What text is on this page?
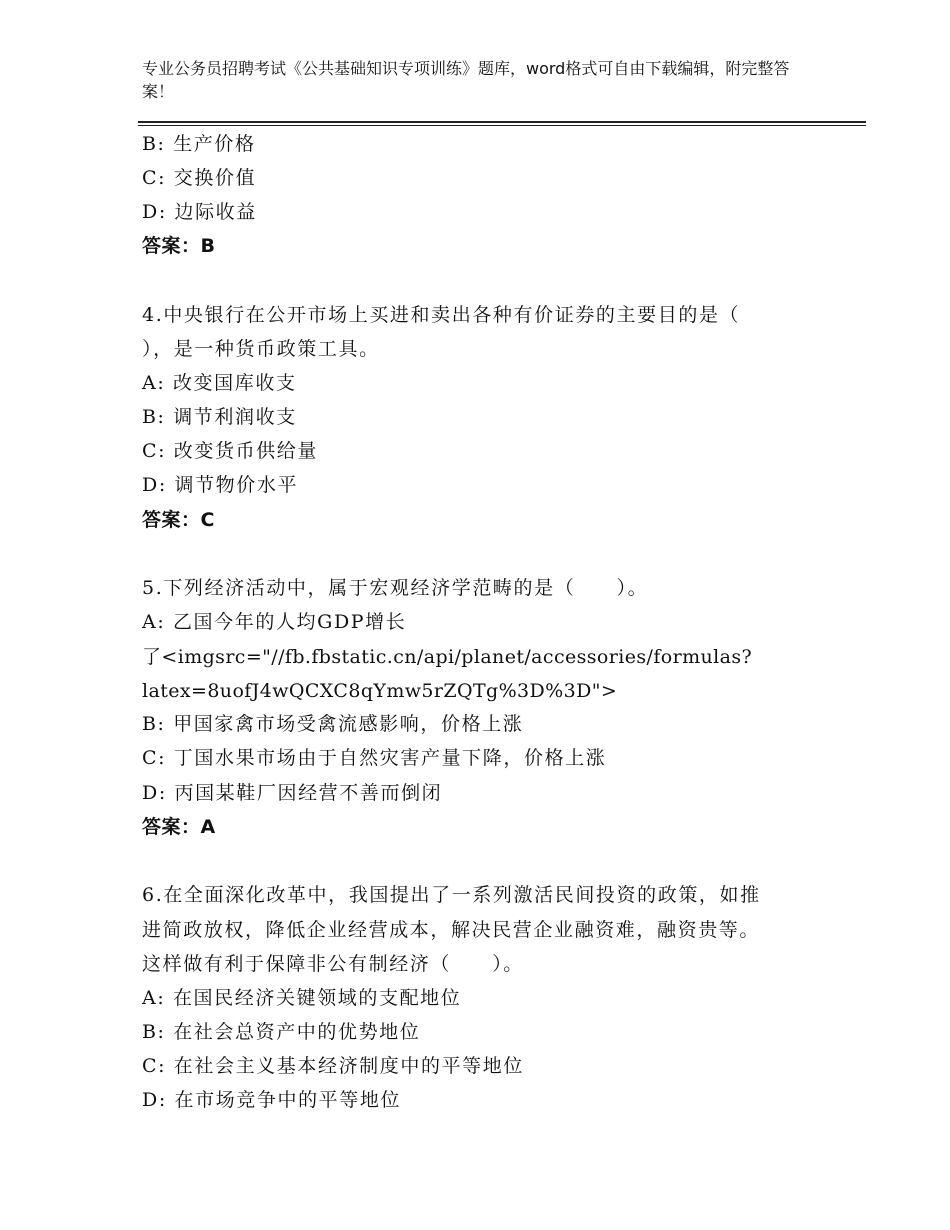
专业公务员招聘考试《公共基础知识专项训练》题库，word格式可自由下载编辑，附完整答案！
B: 生产价格
C: 交换价值
D: 边际收益
答案：B
4.中央银行在公开市场上买进和卖出各种有价证券的主要目的是（
），是一种货币政策工具。
A: 改变国库收支
B: 调节利润收支
C: 改变货币供给量
D: 调节物价水平
答案：C
5.下列经济活动中，属于宏观经济学范畴的是（　　）。
A: 乙国今年的人均GDP增长
了<imgsrc="//fb.fbstatic.cn/api/planet/accessories/formulas?
latex=8uofJ4wQCXC8qYmw5rZQTg%3D%3D">
B: 甲国家禽市场受禽流感影响，价格上涨
C: 丁国水果市场由于自然灾害产量下降，价格上涨
D: 丙国某鞋厂因经营不善而倒闭
答案：A
6.在全面深化改革中，我国提出了一系列激活民间投资的政策，如推
进简政放权，降低企业经营成本，解决民营企业融资难，融资贵等。
这样做有利于保障非公有制经济（　　）。
A: 在国民经济关键领域的支配地位
B: 在社会总资产中的优势地位
C: 在社会主义基本经济制度中的平等地位
D: 在市场竞争中的平等地位
